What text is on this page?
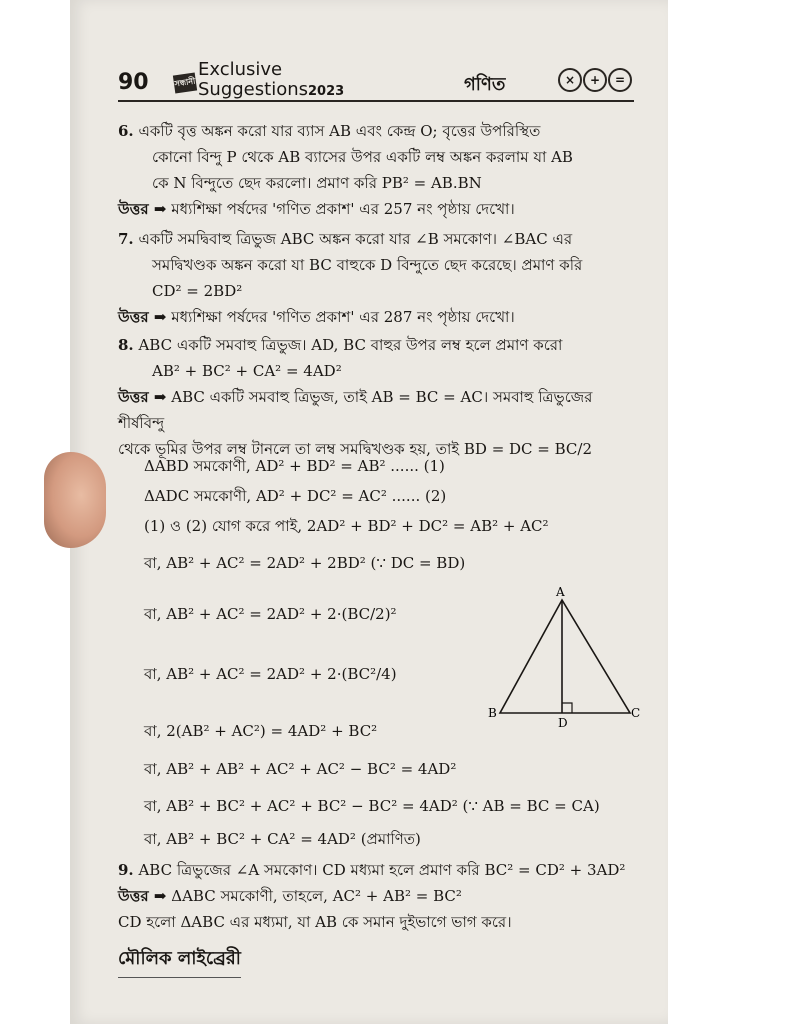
90	সন্ধানী
Exclusive
Suggestions2023	গণিত	× + =
6. একটি বৃত্ত অঙ্কন করো যার ব্যাস AB এবং কেন্দ্র O; বৃত্তের উপরিস্থিত
কোনো বিন্দু P থেকে AB ব্যাসের উপর একটি লম্ব অঙ্কন করলাম যা AB
কে N বিন্দুতে ছেদ করলো। প্রমাণ করি PB² = AB.BN
উত্তর ➡ মধ্যশিক্ষা পর্ষদের 'গণিত প্রকাশ' এর 257 নং পৃষ্ঠায় দেখো।
7. একটি সমদ্বিবাহু ত্রিভুজ ABC অঙ্কন করো যার ∠B সমকোণ। ∠BAC এর
সমদ্বিখণ্ডক অঙ্কন করো যা BC বাহুকে D বিন্দুতে ছেদ করেছে। প্রমাণ করি
CD² = 2BD²
উত্তর ➡ মধ্যশিক্ষা পর্ষদের 'গণিত প্রকাশ' এর 287 নং পৃষ্ঠায় দেখো।
8. ABC একটি সমবাহু ত্রিভুজ। AD, BC বাহুর উপর লম্ব হলে প্রমাণ করো
AB² + BC² + CA² = 4AD²
উত্তর ➡ ABC একটি সমবাহু ত্রিভুজ, তাই AB = BC = AC। সমবাহু ত্রিভুজের শীর্ষবিন্দু
থেকে ভূমির উপর লম্ব টানলে তা লম্ব সমদ্বিখণ্ডক হয়, তাই BD = DC = BC/2
ΔABD সমকোণী, AD² + BD² = AB² ...... (1)
ΔADC সমকোণী, AD² + DC² = AC² ...... (2)
(1) ও (2) যোগ করে পাই, 2AD² + BD² + DC² = AB² + AC²
বা, AB² + AC² = 2AD² + 2BD² (∵ DC = BD)
বা, AB² + AC² = 2AD² + 2·(BC/2)²
বা, AB² + AC² = 2AD² + 2·(BC²/4)
বা, 2(AB² + AC²) = 4AD² + BC²
বা, AB² + AB² + AC² + AC² − BC² = 4AD²
বা, AB² + BC² + AC² + BC² − BC² = 4AD² (∵ AB = BC = CA)
বা, AB² + BC² + CA² = 4AD² (প্রমাণিত)
A
B	C
D
9. ABC ত্রিভুজের ∠A সমকোণ। CD মধ্যমা হলে প্রমাণ করি BC² = CD² + 3AD²
উত্তর ➡ ΔABC সমকোণী, তাহলে, AC² + AB² = BC²
CD হলো ΔABC এর মধ্যমা, যা AB কে সমান দুইভাগে ভাগ করে।
মৌলিক লাইব্রেরী
